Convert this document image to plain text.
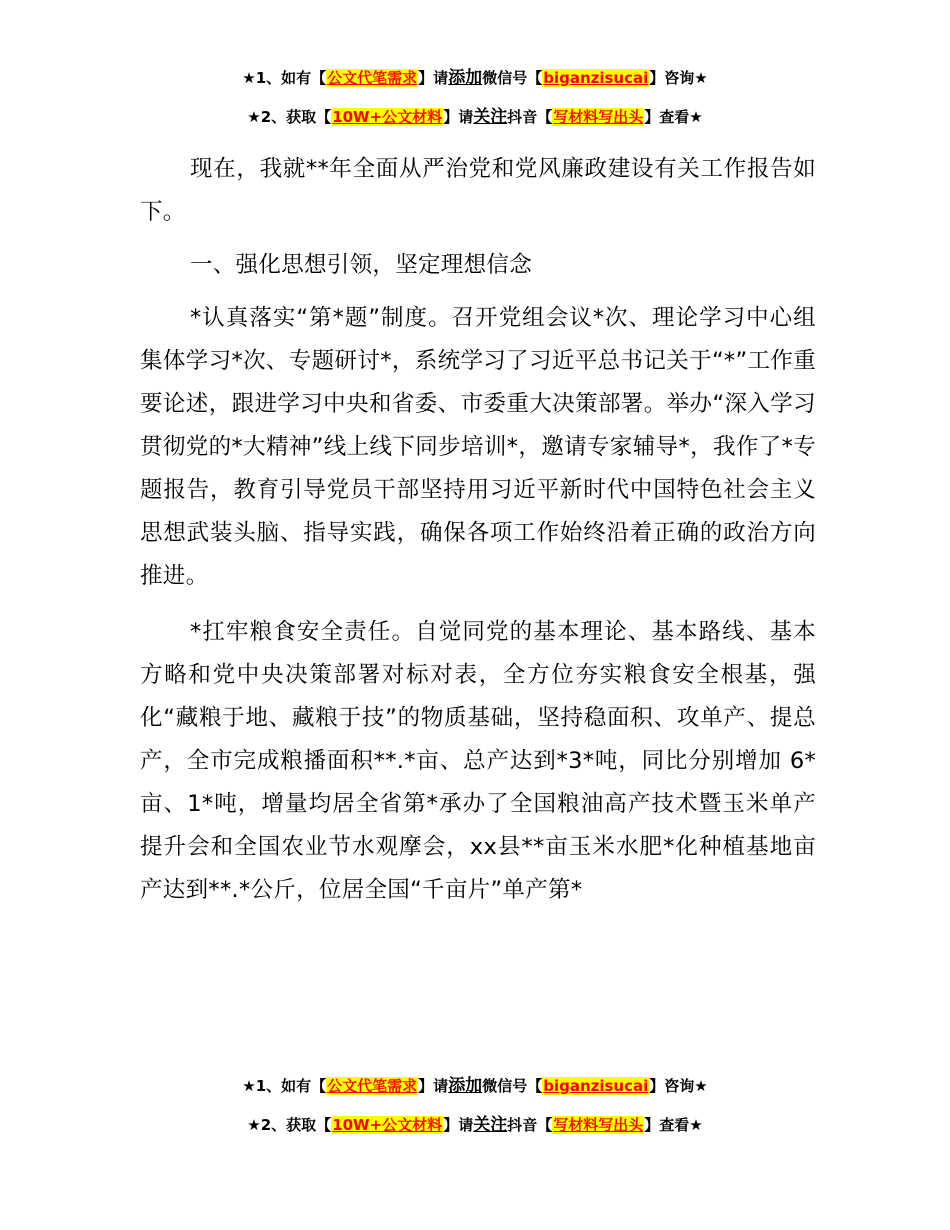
★1、如有【公文代笔需求】请添加微信号【biganzisucai】咨询★
★2、获取【10W+公文材料】请关注抖音【写材料写出头】查看★

现在，我就**年全面从严治党和党风廉政建设有关工作报告如下。

一、强化思想引领，坚定理想信念

*认真落实“第*题”制度。召开党组会议*次、理论学习中心组集体学习*次、专题研讨*，系统学习了习近平总书记关于“*”工作重要论述，跟进学习中央和省委、市委重大决策部署。举办“深入学习贯彻党的*大精神”线上线下同步培训*，邀请专家辅导*，我作了*专题报告，教育引导党员干部坚持用习近平新时代中国特色社会主义思想武装头脑、指导实践，确保各项工作始终沿着正确的政治方向推进。

*扛牢粮食安全责任。自觉同党的基本理论、基本路线、基本方略和党中央决策部署对标对表，全方位夯实粮食安全根基，强化“藏粮于地、藏粮于技”的物质基础，坚持稳面积、攻单产、提总产，全市完成粮播面积**.*亩、总产达到*3*吨，同比分别增加 6*亩、1*吨，增量均居全省第*承办了全国粮油高产技术暨玉米单产提升会和全国农业节水观摩会，xx县**亩玉米水肥*化种植基地亩产达到**.*公斤，位居全国“千亩片”单产第*

★1、如有【公文代笔需求】请添加微信号【biganzisucai】咨询★
★2、获取【10W+公文材料】请关注抖音【写材料写出头】查看★
